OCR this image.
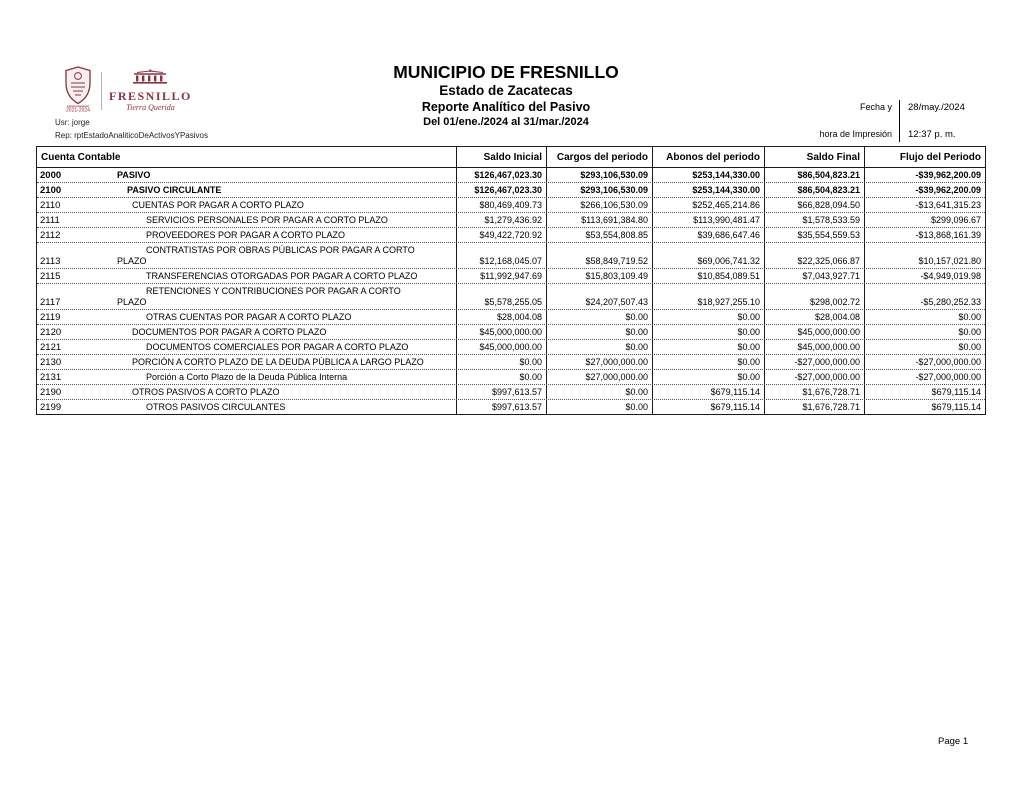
2021-2024
FRESNILLO
Tierra Querida
Usr: jorge
Rep: rptEstadoAnaliticoDeActivosYPasivos
MUNICIPIO DE FRESNILLO
Estado de Zacatecas
Reporte Analítico del Pasivo
Del 01/ene./2024 al 31/mar./2024
Fecha y
hora de Impresión
28/may./2024
12:37 p. m.
Cuenta Contable	Saldo Inicial	Cargos del periodo	Abonos del periodo	Saldo Final	Flujo del Periodo
2000	PASIVO	$126,467,023.30	$293,106,530.09	$253,144,330.00	$86,504,823.21	-$39,962,200.09
2100	PASIVO CIRCULANTE	$126,467,023.30	$293,106,530.09	$253,144,330.00	$86,504,823.21	-$39,962,200.09
2110	CUENTAS POR PAGAR A CORTO PLAZO	$80,469,409.73	$266,106,530.09	$252,465,214.86	$66,828,094.50	-$13,641,315.23
2111	SERVICIOS PERSONALES POR PAGAR A CORTO PLAZO	$1,279,436.92	$113,691,384.80	$113,990,481.47	$1,578,533.59	$299,096.67
2112	PROVEEDORES POR PAGAR A CORTO PLAZO	$49,422,720.92	$53,554,808.85	$39,686,647.46	$35,554,559.53	-$13,868,161.39
2113
CONTRATISTAS POR OBRAS PÚBLICAS POR PAGAR A CORTO
PLAZO	$12,168,045.07	$58,849,719.52	$69,006,741.32	$22,325,066.87	$10,157,021.80
2115	TRANSFERENCIAS OTORGADAS POR PAGAR A CORTO PLAZO	$11,992,947.69	$15,803,109.49	$10,854,089.51	$7,043,927.71	-$4,949,019.98
2117
RETENCIONES Y CONTRIBUCIONES POR PAGAR A CORTO
PLAZO	$5,578,255.05	$24,207,507.43	$18,927,255.10	$298,002.72	-$5,280,252.33
2119	OTRAS CUENTAS POR PAGAR A CORTO PLAZO	$28,004.08	$0.00	$0.00	$28,004.08	$0.00
2120	DOCUMENTOS POR PAGAR A CORTO PLAZO	$45,000,000.00	$0.00	$0.00	$45,000,000.00	$0.00
2121	DOCUMENTOS COMERCIALES POR PAGAR A CORTO PLAZO	$45,000,000.00	$0.00	$0.00	$45,000,000.00	$0.00
2130	PORCIÓN A CORTO PLAZO DE LA DEUDA PÚBLICA A LARGO PLAZO	$0.00	$27,000,000.00	$0.00	-$27,000,000.00	-$27,000,000.00
2131	Porción a Corto Plazo de la Deuda Pública Interna	$0.00	$27,000,000.00	$0.00	-$27,000,000.00	-$27,000,000.00
2190	OTROS PASIVOS A CORTO PLAZO	$997,613.57	$0.00	$679,115.14	$1,676,728.71	$679,115.14
2199	OTROS PASIVOS CIRCULANTES	$997,613.57	$0.00	$679,115.14	$1,676,728.71	$679,115.14
Page 1
